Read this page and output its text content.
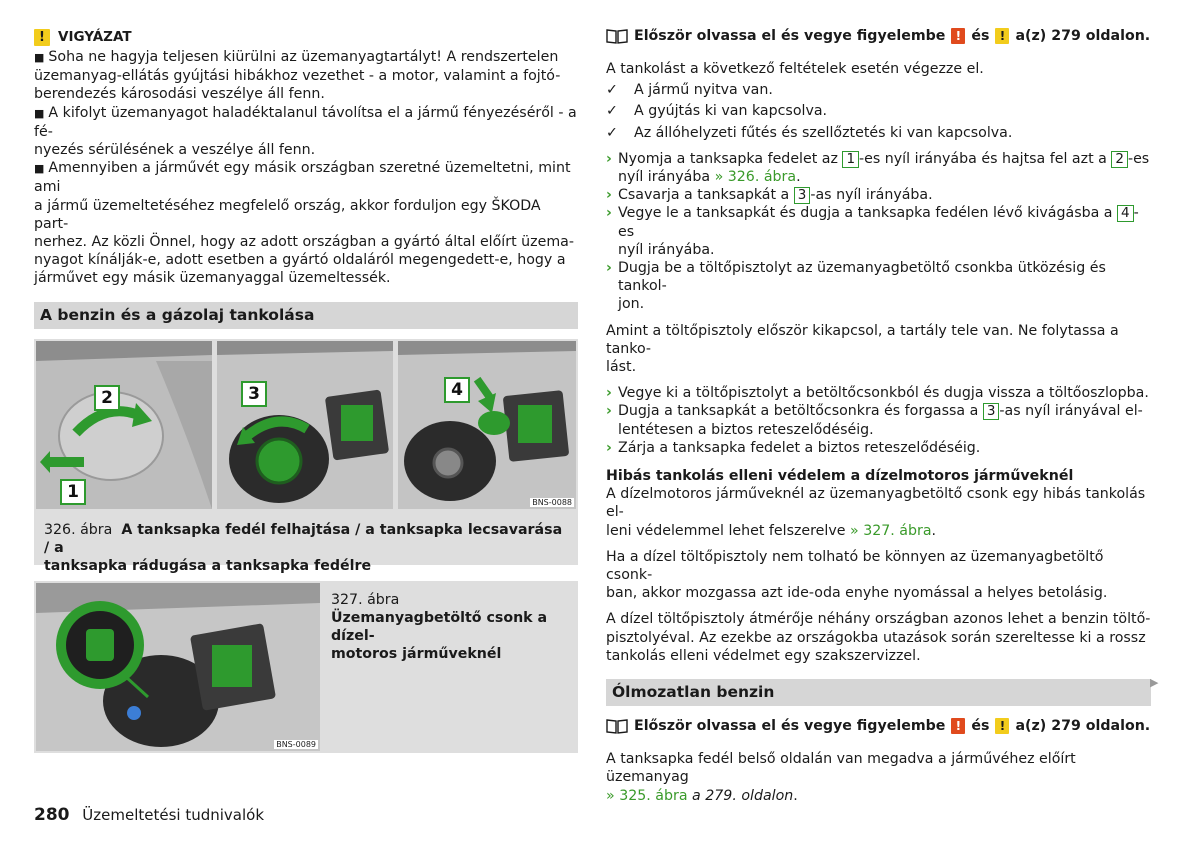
! VIGYÁZAT

■ Soha ne hagyja teljesen kiürülni az üzemanyagtartályt! A rendszertelen

üzemanyag-ellátás gyújtási hibákhoz vezethet - a motor, valamint a fojtó-

berendezés károsodási veszélye áll fenn.

■ A kifolyt üzemanyagot haladéktalanul távolítsa el a jármű fényezéséről - a fé-

nyezés sérülésének a veszélye áll fenn.

■ Amennyiben a járművét egy másik országban szeretné üzemeltetni, mint ami

a jármű üzemeltetéséhez megfelelő ország, akkor forduljon egy ŠKODA part-

nerhez. Az közli Önnel, hogy az adott országban a gyártó által előírt üzema-

nyagot kínálják-e, adott esetben a gyártó oldaláról megengedett-e, hogy a

járművet egy másik üzemanyaggal üzemeltessék.

A benzin és a gázolaj tankolása
2
1
3	4
BNS-0088
326. ábra A tanksapka fedél felhajtása / a tanksapka lecsavarása / a
tanksapka rádugása a tanksapka fedélre
BNS-0089
327. ábra
Üzemanyagbetöltő csonk a dízel-
motoros járműveknél
Először olvassa el és vegye figyelembe ! és ! a(z) 279 oldalon.

A tankolást a következő feltételek esetén végezze el.

✓	A jármű nyitva van.
✓	A gyújtás ki van kapcsolva.
✓	Az állóhelyzeti fűtés és szellőztetés ki van kapcsolva.
› Nyomja a tanksapka fedelet az 1 -es nyíl irányába és hajtsa fel azt a 2 -es
nyíl irányába » 326. ábra.
› Csavarja a tanksapkát a 3 -as nyíl irányába.
› Vegye le a tanksapkát és dugja a tanksapka fedélen lévő kivágásba a 4 -es
nyíl irányába.
› Dugja be a töltőpisztolyt az üzemanyagbetöltő csonkba ütközésig és tankol-
jon.

Amint a töltőpisztoly először kikapcsol, a tartály tele van. Ne folytassa a tanko-

lást.

› Vegye ki a töltőpisztolyt a betöltőcsonkból és dugja vissza a töltőoszlopba.
› Dugja a tanksapkát a betöltőcsonkra és forgassa a 3 -as nyíl irányával el-
lentétesen a biztos reteszelődéséig.
› Zárja a tanksapka fedelet a biztos reteszelődéséig.

Hibás tankolás elleni védelem a dízelmotoros járműveknél

A dízelmotoros járműveknél az üzemanyagbetöltő csonk egy hibás tankolás el-

leni védelemmel lehet felszerelve » 327. ábra.

Ha a dízel töltőpisztoly nem tolható be könnyen az üzemanyagbetöltő csonk-

ban, akkor mozgassa azt ide-oda enyhe nyomással a helyes betolásig.

A dízel töltőpisztoly átmérője néhány országban azonos lehet a benzin töltő-

pisztolyéval. Az ezekbe az országokba utazások során szereltesse ki a rossz

tankolás elleni védelmet egy szakszervizzel.

Ólmozatlan benzin
Először olvassa el és vegye figyelembe ! és ! a(z) 279 oldalon.

A tanksapka fedél belső oldalán van megadva a járművéhez előírt üzemanyag

» 325. ábra a 279. oldalon.

▶
280 Üzemeltetési tudnivalók
